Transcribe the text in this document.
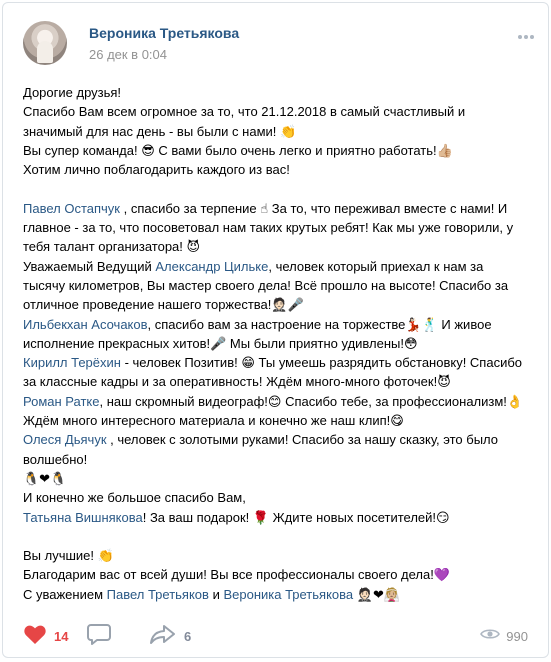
Вероника Третьякова
26 дек в 0:04
Дорогие друзья!
Спасибо Вам всем огромное за то, что 21.12.2018 в самый счастливый и
значимый для нас день - вы были с нами! 👏
Вы супер команда! 😎 С вами было очень легко и приятно работать!👍🏼
Хотим лично поблагодарить каждого из вас!
Павел Остапчук , спасибо за терпение ☝ За то, что переживал вместе с нами! И
главное - за то, что посоветовал нам таких крутых ребят! Как мы уже говорили, у
тебя талант организатора! 😈
Уважаемый Ведущий Александр Цильке, человек который приехал к нам за
тысячу километров, Вы мастер своего дела! Всё прошло на высоте! Спасибо за
отличное проведение нашего торжества!🤵🏻🎤
Ильбекхан Асочаков, спасибо вам за настроение на торжестве💃🏻🕺 И живое
исполнение прекрасных хитов!🎤 Мы были приятно удивлены!😳
Кирилл Терёхин - человек Позитив! 😁 Ты умеешь разрядить обстановку! Спасибо
за классные кадры и за оперативность! Ждём много-много фоточек!😈
Роман Ратке, наш скромный видеограф!😊 Спасибо тебе, за профессионализм!👌
Ждём много интересного материала и конечно же наш клип!😋
Олеся Дьячук , человек с золотыми руками! Спасибо за нашу сказку, это было
волшебно!
🐧❤🐧
И конечно же большое спасибо Вам,
Татьяна Вишнякова! За ваш подарок! 🌹 Ждите новых посетителей!😏
Вы лучшие! 👏
Благодарим вас от всей души! Вы все профессионалы своего дела!💜
С уважением Павел Третьяков и Вероника Третьякова 🤵🏻❤👰🏼
14	6	990
